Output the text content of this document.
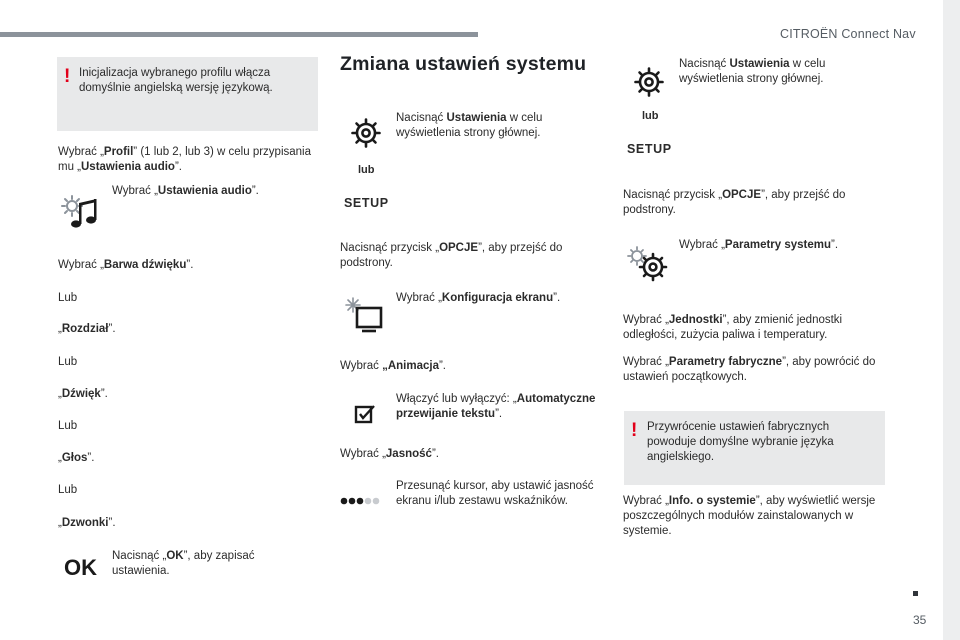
CITROËN Connect Nav
35
! Inicjalizacja wybranego profilu włącza domyślnie angielską wersję językową.
Wybrać „Profil” (1 lub 2, lub 3) w celu przypisania mu „Ustawienia audio”.
Wybrać „Ustawienia audio”.
Wybrać „Barwa dźwięku”.
Lub
„Rozdział”.
Lub
„Dźwięk”.
Lub
„Głos”.
Lub
„Dzwonki”.
OK Nacisnąć „OK”, aby zapisać ustawienia.
Zmiana ustawień systemu
Nacisnąć Ustawienia w celu wyświetlenia strony głównej.
lub
SETUP
Nacisnąć przycisk „OPCJE”, aby przejść do podstrony.
Wybrać „Konfiguracja ekranu”.
Wybrać „Animacja”.
Włączyć lub wyłączyć: „Automatyczne przewijanie tekstu”.
Wybrać „Jasność”.
Przesunąć kursor, aby ustawić jasność ekranu i/lub zestawu wskaźników.
Nacisnąć Ustawienia w celu wyświetlenia strony głównej.
lub
SETUP
Nacisnąć przycisk „OPCJE”, aby przejść do podstrony.
Wybrać „Parametry systemu”.
Wybrać „Jednostki”, aby zmienić jednostki odległości, zużycia paliwa i temperatury.
Wybrać „Parametry fabryczne”, aby powrócić do ustawień początkowych.
! Przywrócenie ustawień fabrycznych powoduje domyślne wybranie języka angielskiego.
Wybrać „Info. o systemie”, aby wyświetlić wersje poszczególnych modułów zainstalowanych w systemie.
